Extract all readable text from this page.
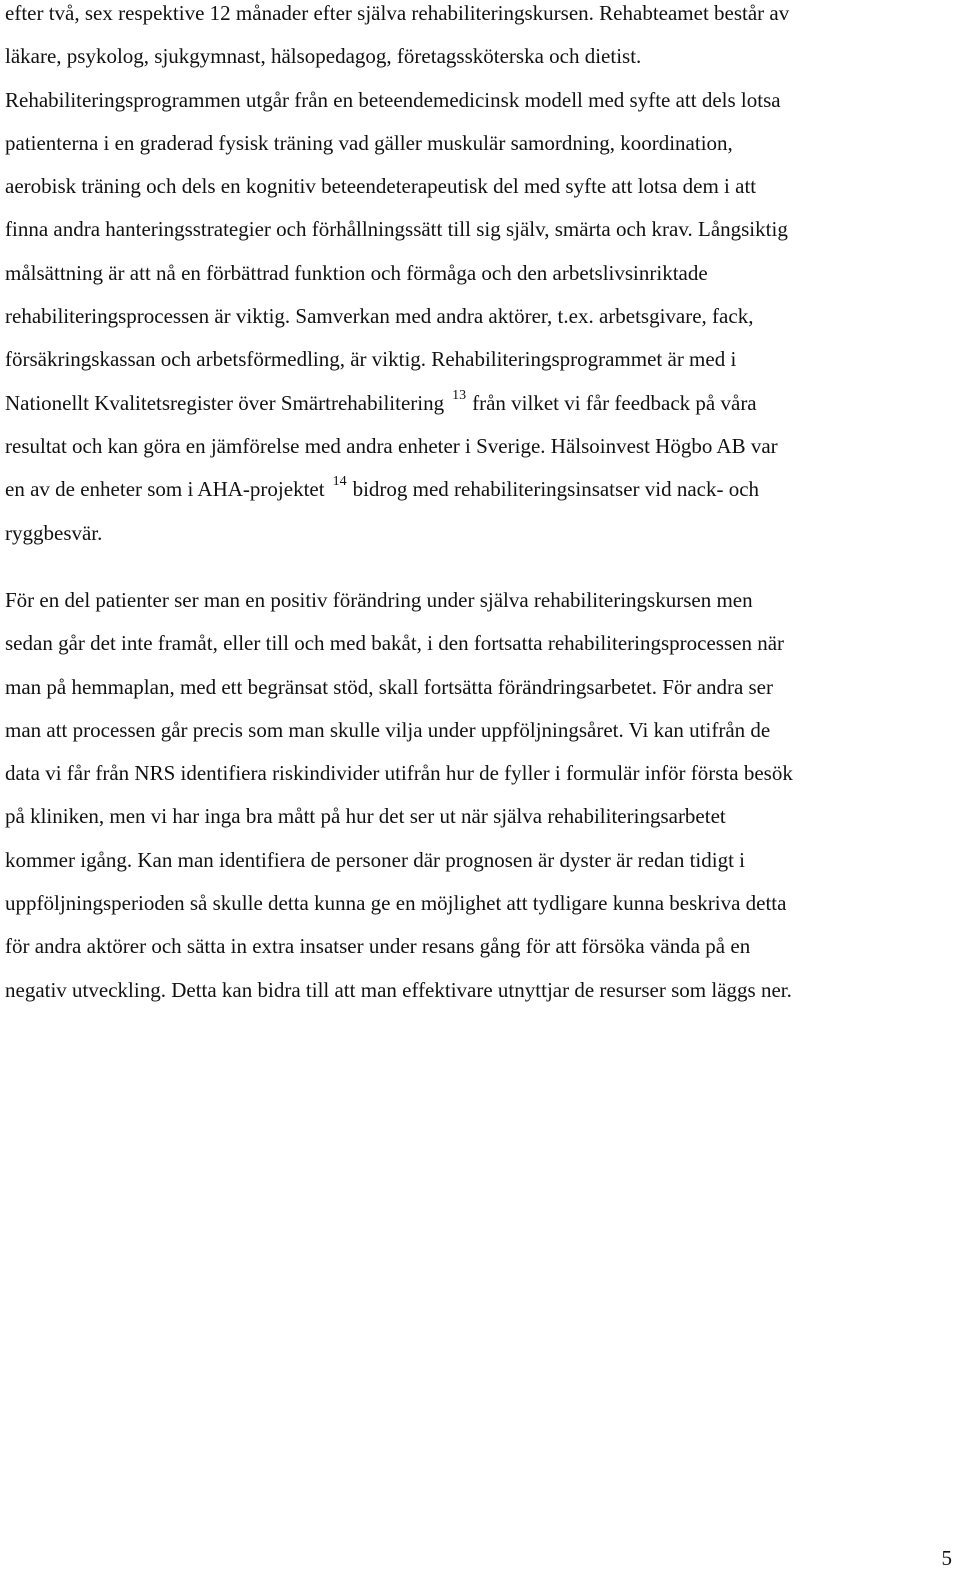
efter två, sex respektive 12 månader efter själva rehabiliteringskursen. Rehabteamet består av
läkare, psykolog, sjukgymnast, hälsopedagog, företagssköterska och dietist.
Rehabiliteringsprogrammen utgår från en beteendemedicinsk modell med syfte att dels lotsa
patienterna i en graderad fysisk träning vad gäller muskulär samordning, koordination,
aerobisk träning och dels en kognitiv beteendeterapeutisk del med syfte att lotsa dem i att
finna andra hanteringsstrategier och förhållningssätt till sig själv, smärta och krav. Långsiktig
målsättning är att nå en förbättrad funktion och förmåga och den arbetslivsinriktade
rehabiliteringsprocessen är viktig. Samverkan med andra aktörer, t.ex. arbetsgivare, fack,
försäkringskassan och arbetsförmedling, är viktig. Rehabiliteringsprogrammet är med i
Nationellt Kvalitetsregister över Smärtrehabilitering $^{13}$ från vilket vi får feedback på våra
resultat och kan göra en jämförelse med andra enheter i Sverige. Hälsoinvest Högbo AB var
en av de enheter som i AHA-projektet $^{14}$ bidrog med rehabiliteringsinsatser vid nack- och
ryggbesvär.
För en del patienter ser man en positiv förändring under själva rehabiliteringskursen men
sedan går det inte framåt, eller till och med bakåt, i den fortsatta rehabiliteringsprocessen när
man på hemmaplan, med ett begränsat stöd, skall fortsätta förändringsarbetet. För andra ser
man att processen går precis som man skulle vilja under uppföljningsåret. Vi kan utifrån de
data vi får från NRS identifiera riskindivider utifrån hur de fyller i formulär inför första besök
på kliniken, men vi har inga bra mått på hur det ser ut när själva rehabiliteringsarbetet
kommer igång. Kan man identifiera de personer där prognosen är dyster är redan tidigt i
uppföljningsperioden så skulle detta kunna ge en möjlighet att tydligare kunna beskriva detta
för andra aktörer och sätta in extra insatser under resans gång för att försöka vända på en
negativ utveckling. Detta kan bidra till att man effektivare utnyttjar de resurser som läggs ner.
5
